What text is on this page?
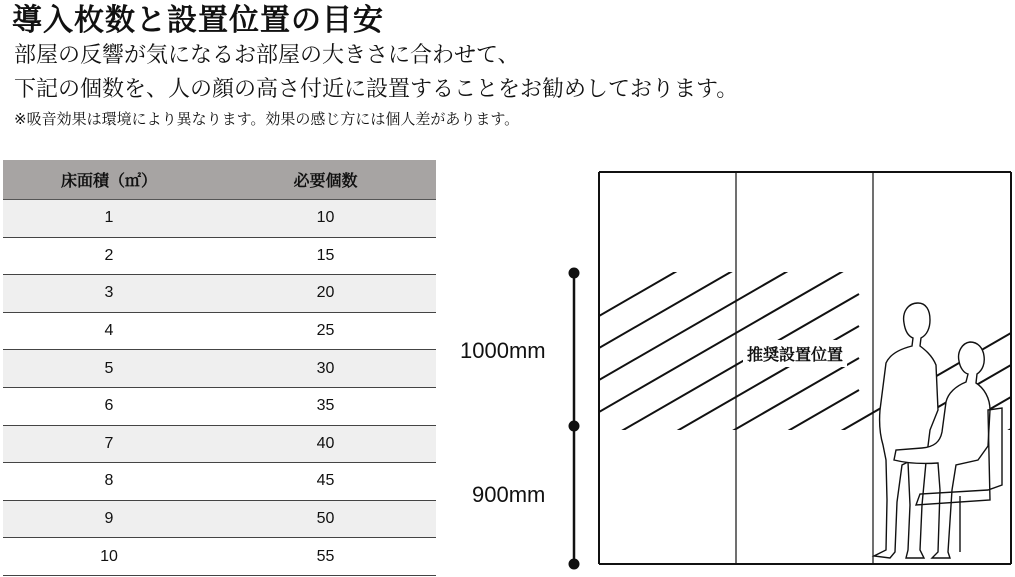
導入枚数と設置位置の目安
部屋の反響が気になるお部屋の大きさに合わせて、
下記の個数を、人の顔の高さ付近に設置することをお勧めしております。
※吸音効果は環境により異なります。効果の感じ方には個人差があります。
床面積（㎡）	必要個数
1	10
2	15
3	20
4	25
5	30
6	35
7	40
8	45
9	50
10	55
1000mm
900mm
推奨設置位置
